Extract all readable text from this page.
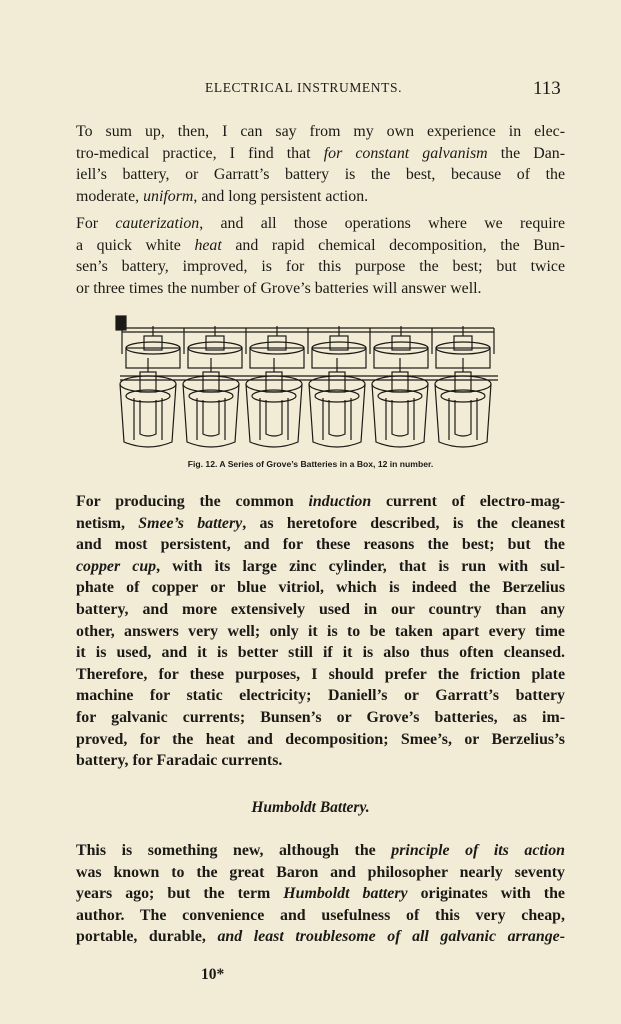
ELECTRICAL INSTRUMENTS.	113
To sum up, then, I can say from my own experience in elec-
tro-medical practice, I find that for constant galvanism the Dan-
iell’s battery, or Garratt’s battery is the best, because of the
moderate, uniform, and long persistent action.
For cauterization, and all those operations where we require
a quick white heat and rapid chemical decomposition, the Bun-
sen’s battery, improved, is for this purpose the best; but twice
or three times the number of Grove’s batteries will answer well.
Fig. 12. A Series of Grove’s Batteries in a Box, 12 in number.
For producing the common induction current of electro-mag-
netism, Smee’s battery, as heretofore described, is the cleanest
and most persistent, and for these reasons the best; but the
copper cup, with its large zinc cylinder, that is run with sul-
phate of copper or blue vitriol, which is indeed the Berzelius
battery, and more extensively used in our country than any
other, answers very well; only it is to be taken apart every time
it is used, and it is better still if it is also thus often cleansed.
Therefore, for these purposes, I should prefer the friction plate
machine for static electricity; Daniell’s or Garratt’s battery
for galvanic currents; Bunsen’s or Grove’s batteries, as im-
proved, for the heat and decomposition; Smee’s, or Berzelius’s
battery, for Faradaic currents.
Humboldt Battery.
This is something new, although the principle of its action
was known to the great Baron and philosopher nearly seventy
years ago; but the term Humboldt battery originates with the
author. The convenience and usefulness of this very cheap,
portable, durable, and least troublesome of all galvanic arrange-
10*
